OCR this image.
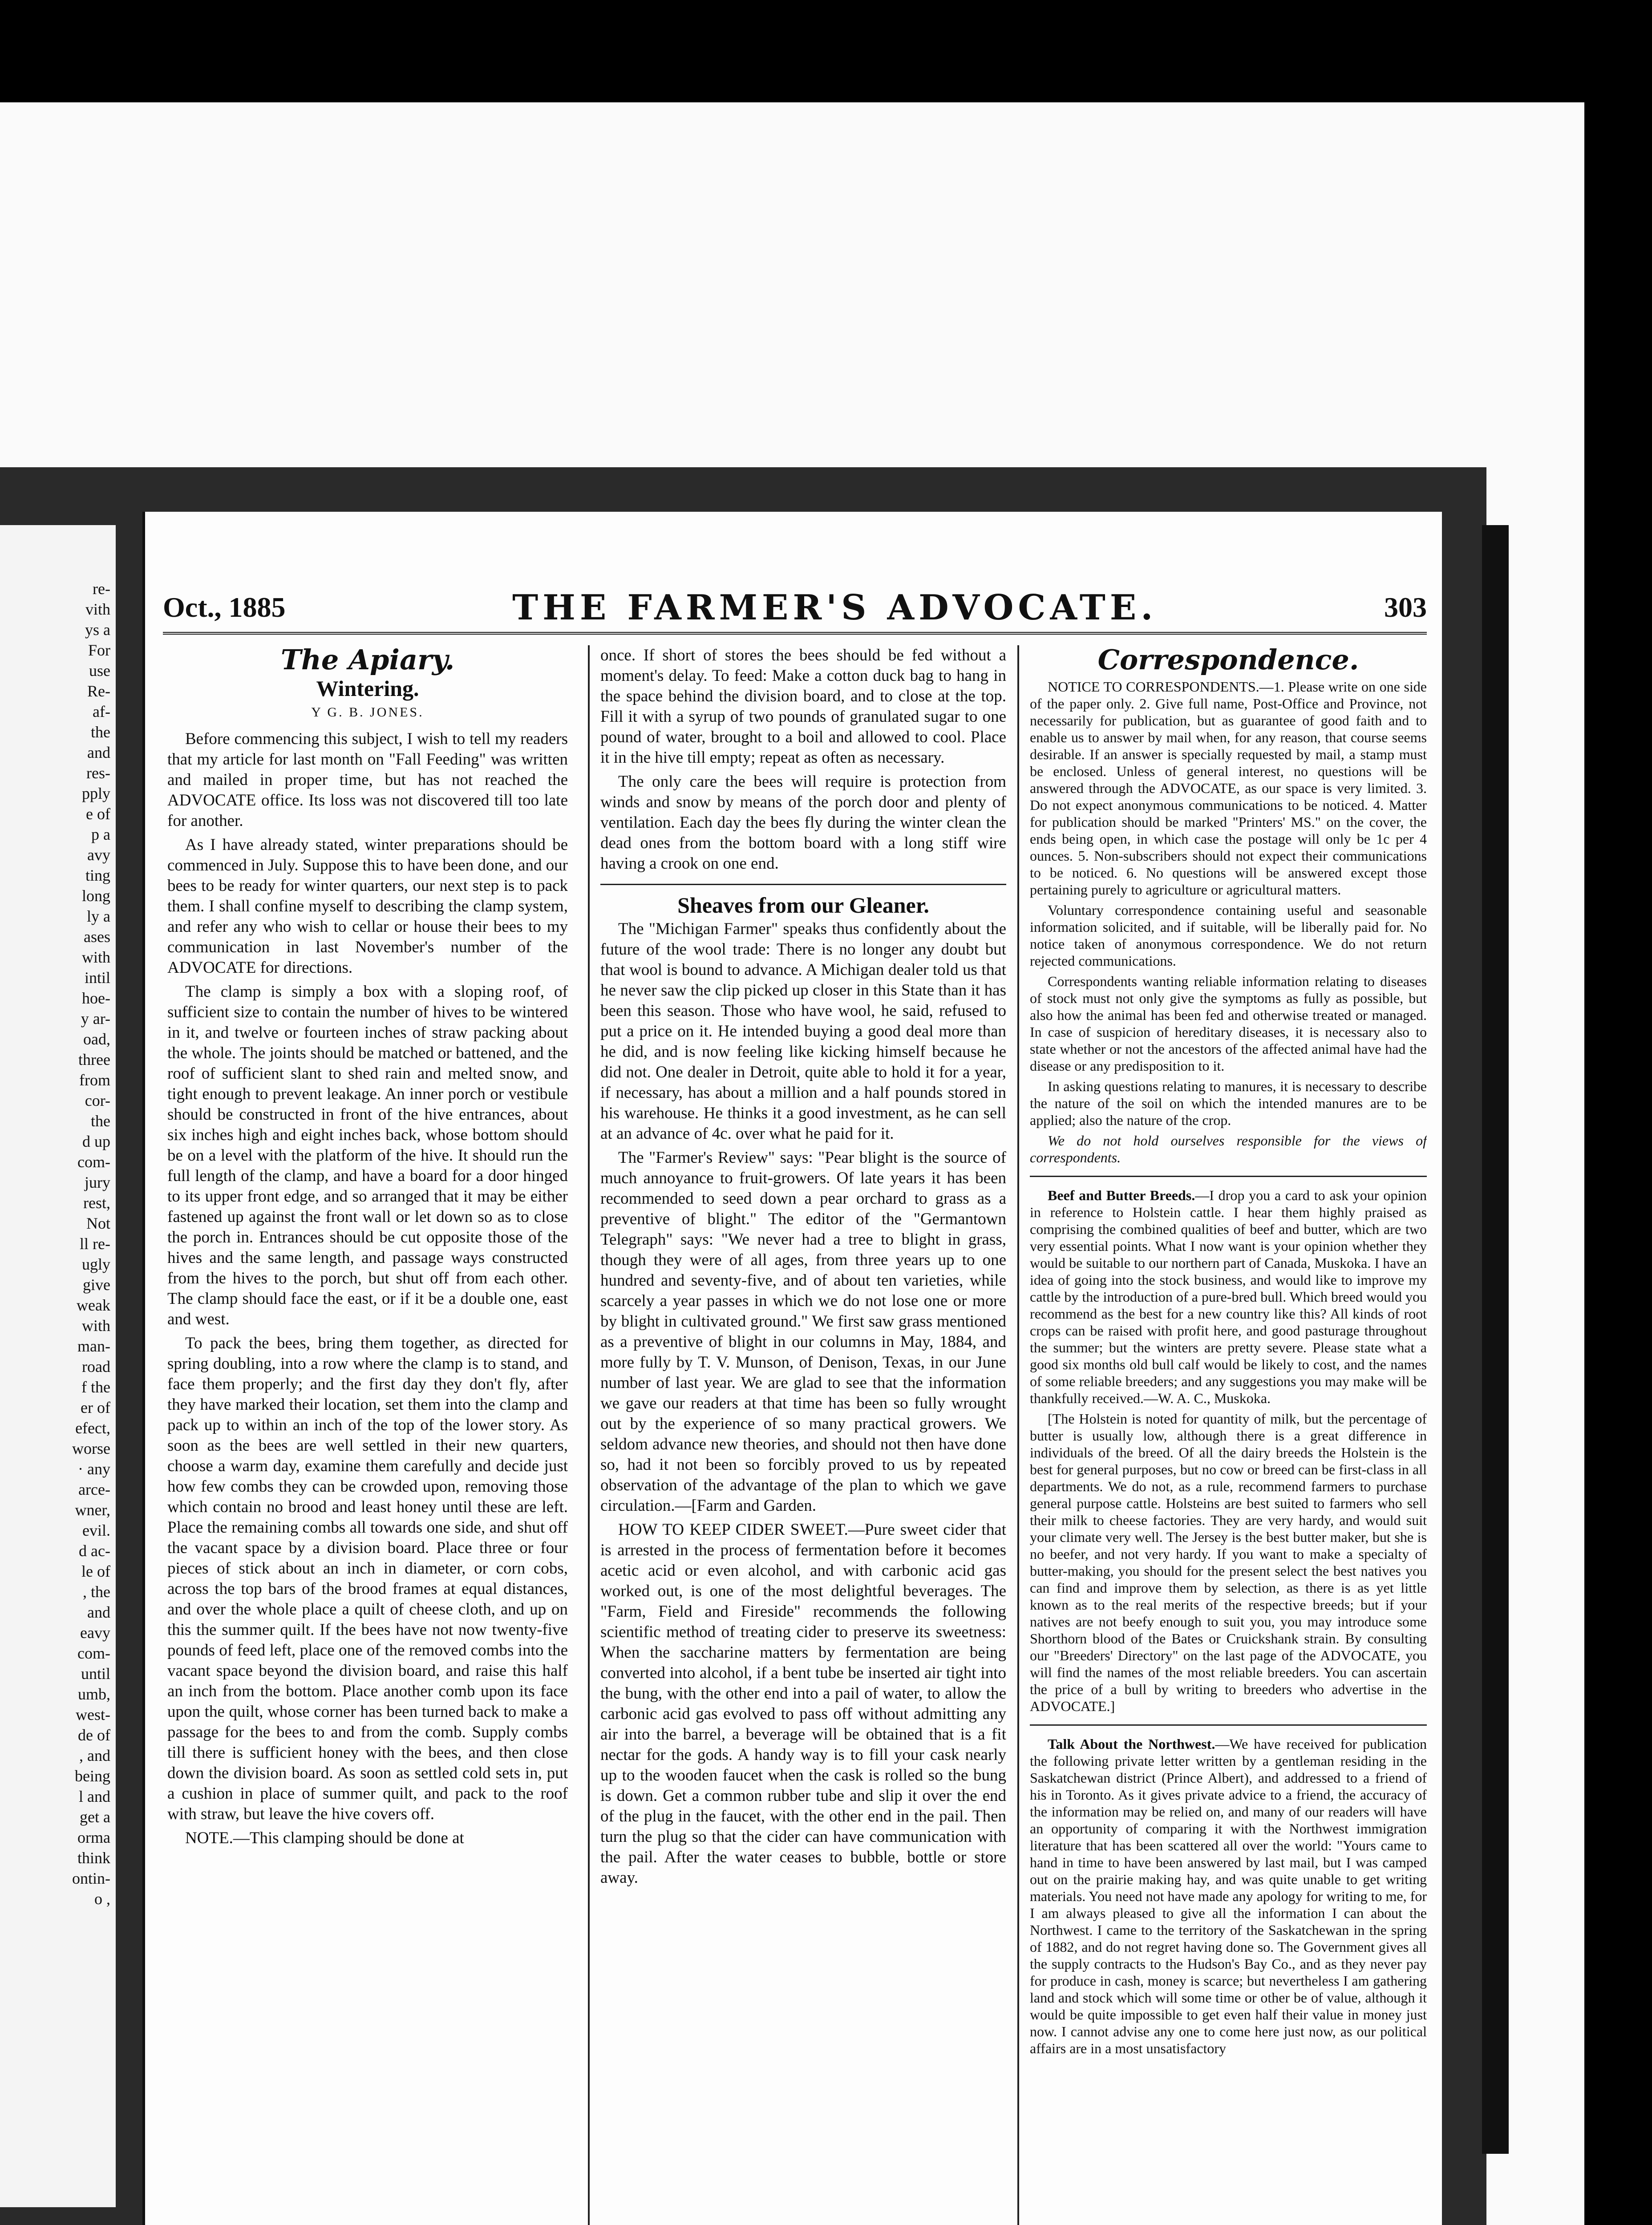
re-
vith
ys a
For
use
Re-
af-
the
and
res-
pply
e of
p a
avy
ting
long
ly a
ases
with
intil
hoe-
y ar-
oad,
three
from
cor-
the
d up
com-
jury
rest,
Not
ll re-
ugly
give
weak
with
man-
road
f the
er of
efect,
worse
· any
arce-
wner,
evil.
d ac-
le of
, the
and
eavy
com-
until
umb,
west-
de of
, and
being
l and
get a
orma
think
ontin-
o ,
Oct., 1885	THE FARMER'S ADVOCATE.	303
The Apiary.
Wintering.
Y G. B. JONES.

Before commencing this subject, I wish to tell my readers that my article for last month on "Fall Feeding" was written and mailed in proper time, but has not reached the ADVOCATE office. Its loss was not discovered till too late for another.

As I have already stated, winter preparations should be commenced in July. Suppose this to have been done, and our bees to be ready for winter quarters, our next step is to pack them. I shall confine myself to describing the clamp system, and refer any who wish to cellar or house their bees to my communication in last November's number of the ADVOCATE for directions.

The clamp is simply a box with a sloping roof, of sufficient size to contain the number of hives to be wintered in it, and twelve or fourteen inches of straw packing about the whole. The joints should be matched or battened, and the roof of sufficient slant to shed rain and melted snow, and tight enough to prevent leakage. An inner porch or vestibule should be constructed in front of the hive entrances, about six inches high and eight inches back, whose bottom should be on a level with the platform of the hive. It should run the full length of the clamp, and have a board for a door hinged to its upper front edge, and so arranged that it may be either fastened up against the front wall or let down so as to close the porch in. Entrances should be cut opposite those of the hives and the same length, and passage ways constructed from the hives to the porch, but shut off from each other. The clamp should face the east, or if it be a double one, east and west.

To pack the bees, bring them together, as directed for spring doubling, into a row where the clamp is to stand, and face them properly; and the first day they don't fly, after they have marked their location, set them into the clamp and pack up to within an inch of the top of the lower story. As soon as the bees are well settled in their new quarters, choose a warm day, examine them carefully and decide just how few combs they can be crowded upon, removing those which contain no brood and least honey until these are left. Place the remaining combs all towards one side, and shut off the vacant space by a division board. Place three or four pieces of stick about an inch in diameter, or corn cobs, across the top bars of the brood frames at equal distances, and over the whole place a quilt of cheese cloth, and up on this the summer quilt. If the bees have not now twenty-five pounds of feed left, place one of the removed combs into the vacant space beyond the division board, and raise this half an inch from the bottom. Place another comb upon its face upon the quilt, whose corner has been turned back to make a passage for the bees to and from the comb. Supply combs till there is sufficient honey with the bees, and then close down the division board. As soon as settled cold sets in, put a cushion in place of summer quilt, and pack to the roof with straw, but leave the hive covers off.

NOTE.—This clamping should be done at

once. If short of stores the bees should be fed without a moment's delay. To feed: Make a cotton duck bag to hang in the space behind the division board, and to close at the top. Fill it with a syrup of two pounds of granulated sugar to one pound of water, brought to a boil and allowed to cool. Place it in the hive till empty; repeat as often as necessary.

The only care the bees will require is protection from winds and snow by means of the porch door and plenty of ventilation. Each day the bees fly during the winter clean the dead ones from the bottom board with a long stiff wire having a crook on one end.

Sheaves from our Gleaner.

The "Michigan Farmer" speaks thus confidently about the future of the wool trade: There is no longer any doubt but that wool is bound to advance. A Michigan dealer told us that he never saw the clip picked up closer in this State than it has been this season. Those who have wool, he said, refused to put a price on it. He intended buying a good deal more than he did, and is now feeling like kicking himself because he did not. One dealer in Detroit, quite able to hold it for a year, if necessary, has about a million and a half pounds stored in his warehouse. He thinks it a good investment, as he can sell at an advance of 4c. over what he paid for it.

The "Farmer's Review" says: "Pear blight is the source of much annoyance to fruit-growers. Of late years it has been recommended to seed down a pear orchard to grass as a preventive of blight." The editor of the "Germantown Telegraph" says: "We never had a tree to blight in grass, though they were of all ages, from three years up to one hundred and seventy-five, and of about ten varieties, while scarcely a year passes in which we do not lose one or more by blight in cultivated ground." We first saw grass mentioned as a preventive of blight in our columns in May, 1884, and more fully by T. V. Munson, of Denison, Texas, in our June number of last year. We are glad to see that the information we gave our readers at that time has been so fully wrought out by the experience of so many practical growers. We seldom advance new theories, and should not then have done so, had it not been so forcibly proved to us by repeated observation of the advantage of the plan to which we gave circulation.—[Farm and Garden.

HOW TO KEEP CIDER SWEET.—Pure sweet cider that is arrested in the process of fermentation before it becomes acetic acid or even alcohol, and with carbonic acid gas worked out, is one of the most delightful beverages. The "Farm, Field and Fireside" recommends the following scientific method of treating cider to preserve its sweetness: When the saccharine matters by fermentation are being converted into alcohol, if a bent tube be inserted air tight into the bung, with the other end into a pail of water, to allow the carbonic acid gas evolved to pass off without admitting any air into the barrel, a beverage will be obtained that is a fit nectar for the gods. A handy way is to fill your cask nearly up to the wooden faucet when the cask is rolled so the bung is down. Get a common rubber tube and slip it over the end of the plug in the faucet, with the other end in the pail. Then turn the plug so that the cider can have communication with the pail. After the water ceases to bubble, bottle or store away.

Correspondence.

NOTICE TO CORRESPONDENTS.—1. Please write on one side of the paper only. 2. Give full name, Post-Office and Province, not necessarily for publication, but as guarantee of good faith and to enable us to answer by mail when, for any reason, that course seems desirable. If an answer is specially requested by mail, a stamp must be enclosed. Unless of general interest, no questions will be answered through the ADVOCATE, as our space is very limited. 3. Do not expect anonymous communications to be noticed. 4. Matter for publication should be marked "Printers' MS." on the cover, the ends being open, in which case the postage will only be 1c per 4 ounces. 5. Non-subscribers should not expect their communications to be noticed. 6. No questions will be answered except those pertaining purely to agriculture or agricultural matters.

Voluntary correspondence containing useful and seasonable information solicited, and if suitable, will be liberally paid for. No notice taken of anonymous correspondence. We do not return rejected communications.

Correspondents wanting reliable information relating to diseases of stock must not only give the symptoms as fully as possible, but also how the animal has been fed and otherwise treated or managed. In case of suspicion of hereditary diseases, it is necessary also to state whether or not the ancestors of the affected animal have had the disease or any predisposition to it.

In asking questions relating to manures, it is necessary to describe the nature of the soil on which the intended manures are to be applied; also the nature of the crop.

We do not hold ourselves responsible for the views of correspondents.

Beef and Butter Breeds.—I drop you a card to ask your opinion in reference to Holstein cattle. I hear them highly praised as comprising the combined qualities of beef and butter, which are two very essential points. What I now want is your opinion whether they would be suitable to our northern part of Canada, Muskoka. I have an idea of going into the stock business, and would like to improve my cattle by the introduction of a pure-bred bull. Which breed would you recommend as the best for a new country like this? All kinds of root crops can be raised with profit here, and good pasturage throughout the summer; but the winters are pretty severe. Please state what a good six months old bull calf would be likely to cost, and the names of some reliable breeders; and any suggestions you may make will be thankfully received.—W. A. C., Muskoka.

[The Holstein is noted for quantity of milk, but the percentage of butter is usually low, although there is a great difference in individuals of the breed. Of all the dairy breeds the Holstein is the best for general purposes, but no cow or breed can be first-class in all departments. We do not, as a rule, recommend farmers to purchase general purpose cattle. Holsteins are best suited to farmers who sell their milk to cheese factories. They are very hardy, and would suit your climate very well. The Jersey is the best butter maker, but she is no beefer, and not very hardy. If you want to make a specialty of butter-making, you should for the present select the best natives you can find and improve them by selection, as there is as yet little known as to the real merits of the respective breeds; but if your natives are not beefy enough to suit you, you may introduce some Shorthorn blood of the Bates or Cruickshank strain. By consulting our "Breeders' Directory" on the last page of the ADVOCATE, you will find the names of the most reliable breeders. You can ascertain the price of a bull by writing to breeders who advertise in the ADVOCATE.]

Talk About the Northwest.—We have received for publication the following private letter written by a gentleman residing in the Saskatchewan district (Prince Albert), and addressed to a friend of his in Toronto. As it gives private advice to a friend, the accuracy of the information may be relied on, and many of our readers will have an opportunity of comparing it with the Northwest immigration literature that has been scattered all over the world: "Yours came to hand in time to have been answered by last mail, but I was camped out on the prairie making hay, and was quite unable to get writing materials. You need not have made any apology for writing to me, for I am always pleased to give all the information I can about the Northwest. I came to the territory of the Saskatchewan in the spring of 1882, and do not regret having done so. The Government gives all the supply contracts to the Hudson's Bay Co., and as they never pay for produce in cash, money is scarce; but nevertheless I am gathering land and stock which will some time or other be of value, although it would be quite impossible to get even half their value in money just now. I cannot advise any one to come here just now, as our political affairs are in a most unsatisfactory
